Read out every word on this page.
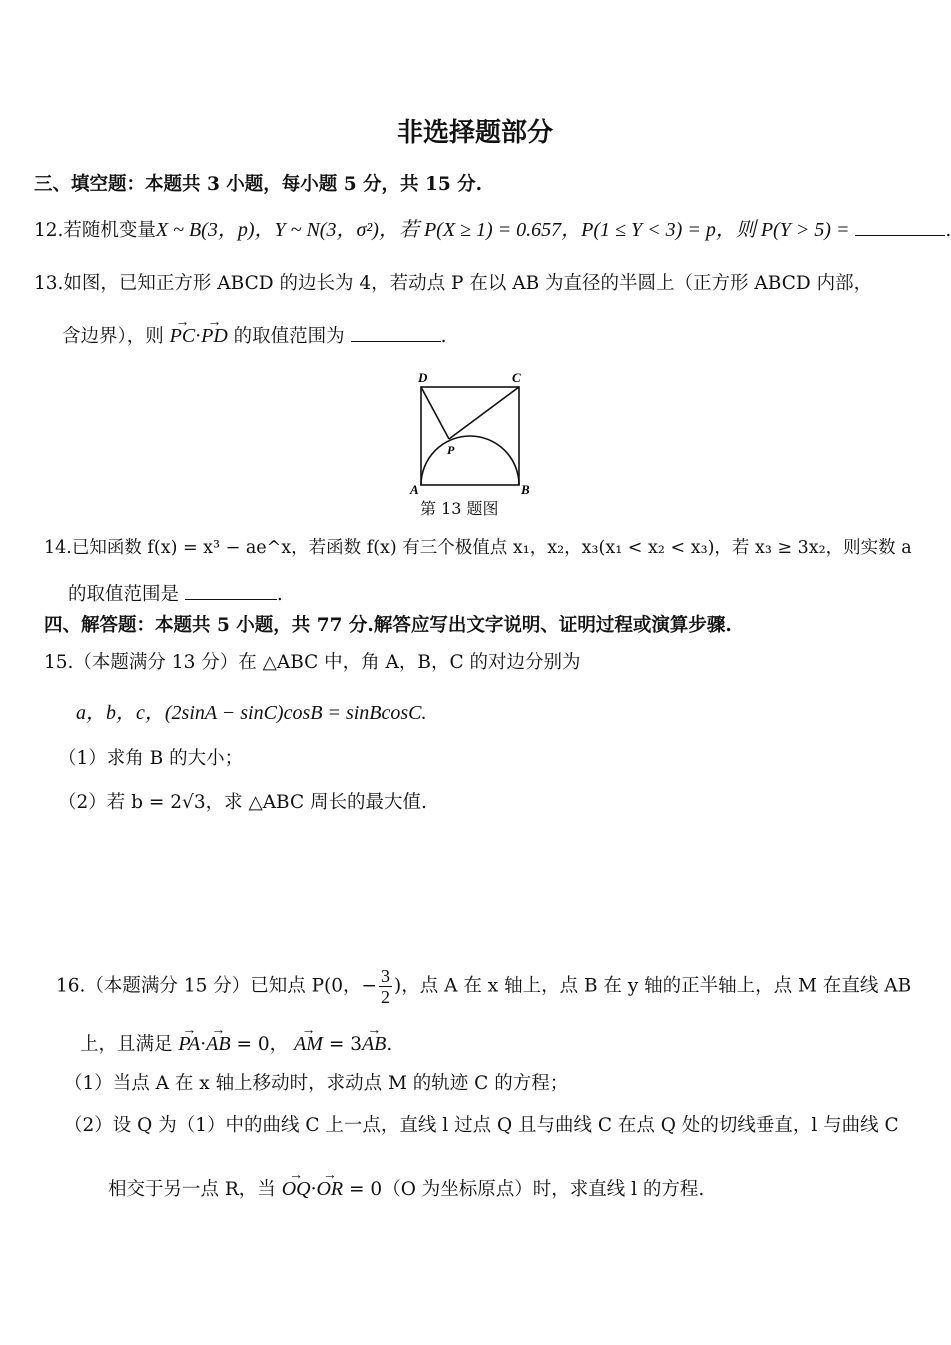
非选择题部分
三、填空题：本题共 3 小题，每小题 5 分，共 15 分.
12.若随机变量X ~ B(3，p)，Y ~ N(3，σ²)，若 P(X ≥ 1) = 0.657，P(1 ≤ Y < 3) = p，则 P(Y > 5) =	.
13.如图，已知正方形 ABCD 的边长为 4，若动点 P 在以 AB 为直径的半圆上（正方形 ABCD 内部，
含边界），则 → PC·→ PD 的取值范围为	.
D	C
P
A	B
第 13 题图
14.已知函数 f(x) = x³ − ae^x，若函数 f(x) 有三个极值点 x₁，x₂，x₃(x₁ < x₂ < x₃)，若 x₃ ≥ 3x₂，则实数 a
的取值范围是	.
四、解答题：本题共 5 小题，共 77 分.解答应写出文字说明、证明过程或演算步骤.
15.（本题满分 13 分）在 △ABC 中，角 A，B，C 的对边分别为
a，b，c，(2sinA − sinC)cosB = sinBcosC.
（1）求角 B 的大小；
（2）若 b = 2√3，求 △ABC 周长的最大值.
16.（本题满分 15 分）已知点 P(0，− $\frac{3}{2}$ )，点 A 在 x 轴上，点 B 在 y 轴的正半轴上，点 M 在直线 AB
上，且满足 → PA·→ AB = 0， → AM = 3→ AB.
（1）当点 A 在 x 轴上移动时，求动点 M 的轨迹 C 的方程；
（2）设 Q 为（1）中的曲线 C 上一点，直线 l 过点 Q 且与曲线 C 在点 Q 处的切线垂直，l 与曲线 C
相交于另一点 R，当 → OQ·→ OR = 0（O 为坐标原点）时，求直线 l 的方程.
